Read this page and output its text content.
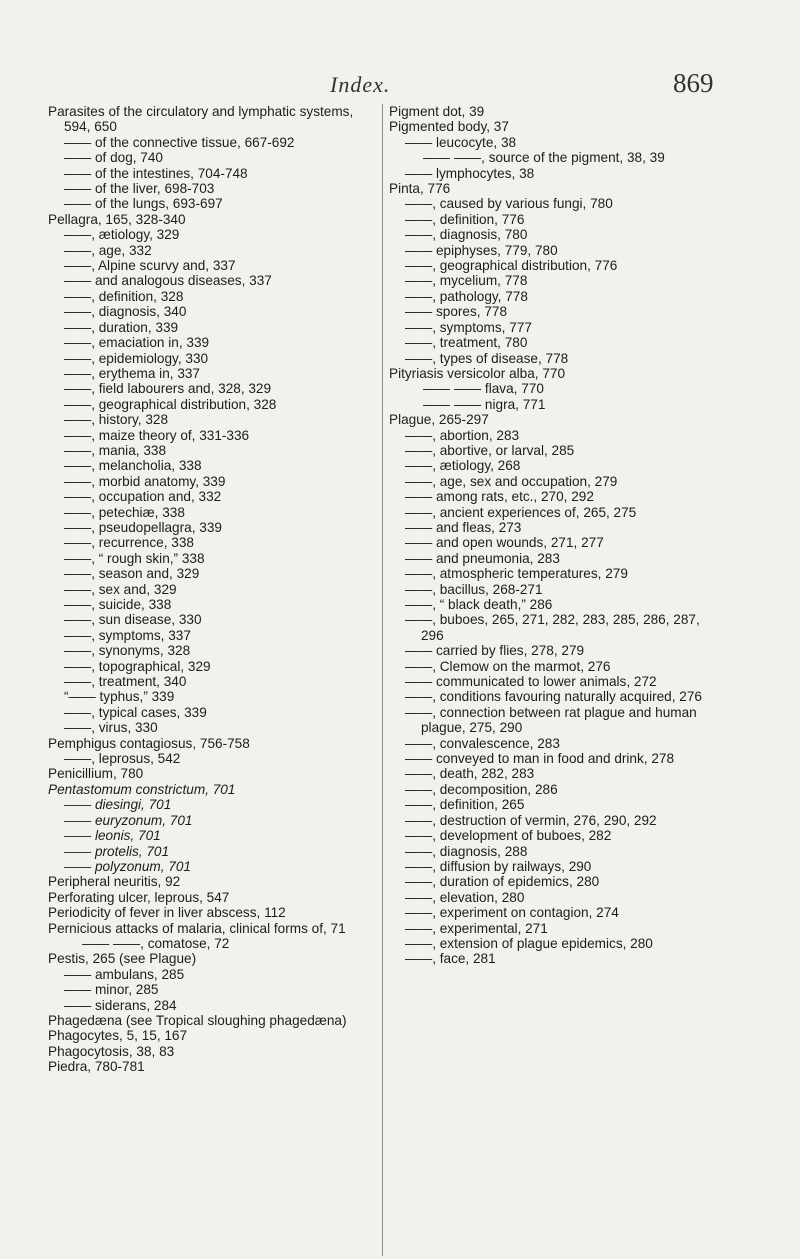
Index.	869
Parasites of the circulatory and lymphatic systems, 594, 650
—— of the connective tissue, 667-692
—— of dog, 740
—— of the intestines, 704-748
—— of the liver, 698-703
—— of the lungs, 693-697
Pellagra, 165, 328-340
——, ætiology, 329
——, age, 332
——, Alpine scurvy and, 337
—— and analogous diseases, 337
——, definition, 328
——, diagnosis, 340
——, duration, 339
——, emaciation in, 339
——, epidemiology, 330
——, erythema in, 337
——, field labourers and, 328, 329
——, geographical distribution, 328
——, history, 328
——, maize theory of, 331-336
——, mania, 338
——, melancholia, 338
——, morbid anatomy, 339
——, occupation and, 332
——, petechiæ, 338
——, pseudopellagra, 339
——, recurrence, 338
——, “ rough skin,” 338
——, season and, 329
——, sex and, 329
——, suicide, 338
——, sun disease, 330
——, symptoms, 337
——, synonyms, 328
——, topographical, 329
——, treatment, 340
“—— typhus,” 339
——, typical cases, 339
——, virus, 330
Pemphigus contagiosus, 756-758
——, leprosus, 542
Penicillium, 780
Pentastomum constrictum, 701
—— diesingi, 701
—— euryzonum, 701
—— leonis, 701
—— protelis, 701
—— polyzonum, 701
Peripheral neuritis, 92
Perforating ulcer, leprous, 547
Periodicity of fever in liver abscess, 112
Pernicious attacks of malaria, clinical forms of, 71
—— ——, comatose, 72
Pestis, 265 (see Plague)
—— ambulans, 285
—— minor, 285
—— siderans, 284
Phagedæna (see Tropical sloughing phagedæna)
Phagocytes, 5, 15, 167
Phagocytosis, 38, 83
Piedra, 780-781
Pigment dot, 39
Pigmented body, 37
—— leucocyte, 38
—— ——, source of the pigment, 38, 39
—— lymphocytes, 38
Pinta, 776
——, caused by various fungi, 780
——, definition, 776
——, diagnosis, 780
—— epiphyses, 779, 780
——, geographical distribution, 776
——, mycelium, 778
——, pathology, 778
—— spores, 778
——, symptoms, 777
——, treatment, 780
——, types of disease, 778
Pityriasis versicolor alba, 770
—— —— flava, 770
—— —— nigra, 771
Plague, 265-297
——, abortion, 283
——, abortive, or larval, 285
——, ætiology, 268
——, age, sex and occupation, 279
—— among rats, etc., 270, 292
——, ancient experiences of, 265, 275
—— and fleas, 273
—— and open wounds, 271, 277
—— and pneumonia, 283
——, atmospheric temperatures, 279
——, bacillus, 268-271
——, “ black death,” 286
——, buboes, 265, 271, 282, 283, 285, 286, 287, 296
—— carried by flies, 278, 279
——, Clemow on the marmot, 276
—— communicated to lower animals, 272
——, conditions favouring naturally acquired, 276
——, connection between rat plague and human plague, 275, 290
——, convalescence, 283
—— conveyed to man in food and drink, 278
——, death, 282, 283
——, decomposition, 286
——, definition, 265
——, destruction of vermin, 276, 290, 292
——, development of buboes, 282
——, diagnosis, 288
——, diffusion by railways, 290
——, duration of epidemics, 280
——, elevation, 280
——, experiment on contagion, 274
——, experimental, 271
——, extension of plague epidemics, 280
——, face, 281
